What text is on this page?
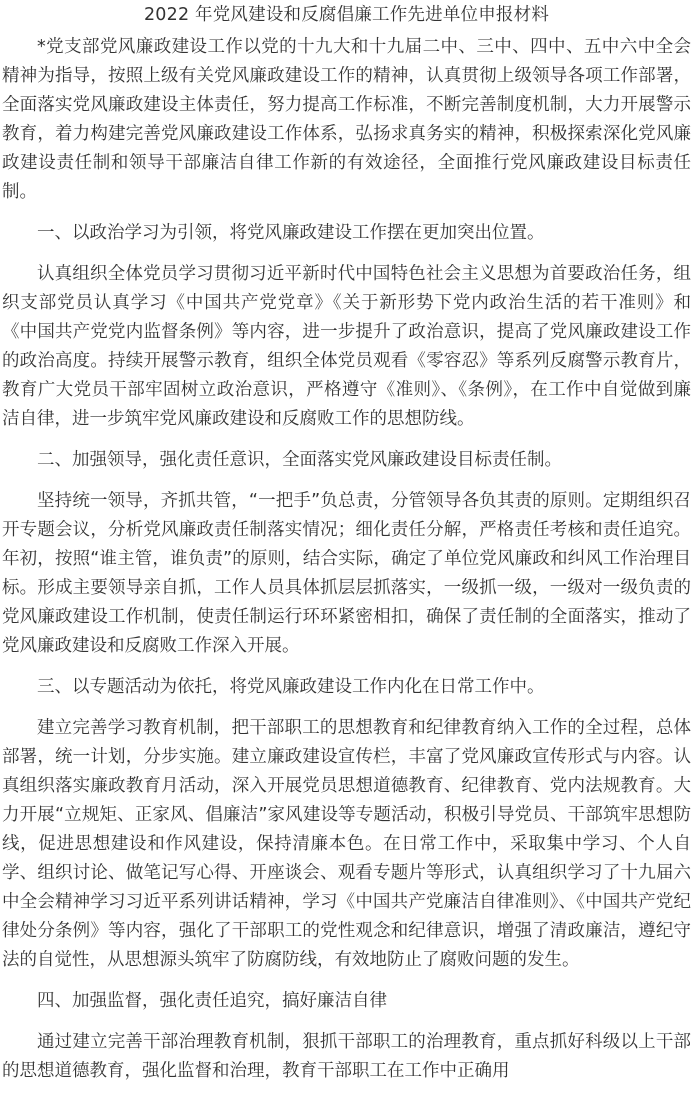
2022 年党风建设和反腐倡廉工作先进单位申报材料

*党支部党风廉政建设工作以党的十九大和十九届二中、三中、四中、五中六中全会精神为指导，按照上级有关党风廉政建设工作的精神，认真贯彻上级领导各项工作部署，全面落实党风廉政建设主体责任，努力提高工作标准，不断完善制度机制，大力开展警示教育，着力构建完善党风廉政建设工作体系，弘扬求真务实的精神，积极探索深化党风廉政建设责任制和领导干部廉洁自律工作新的有效途径，全面推行党风廉政建设目标责任制。

一、以政治学习为引领，将党风廉政建设工作摆在更加突出位置。

认真组织全体党员学习贯彻习近平新时代中国特色社会主义思想为首要政治任务，组织支部党员认真学习《中国共产党党章》《关于新形势下党内政治生活的若干准则》和《中国共产党党内监督条例》等内容，进一步提升了政治意识，提高了党风廉政建设工作的政治高度。持续开展警示教育，组织全体党员观看《零容忍》等系列反腐警示教育片，教育广大党员干部牢固树立政治意识，严格遵守《准则》、《条例》，在工作中自觉做到廉洁自律，进一步筑牢党风廉政建设和反腐败工作的思想防线。

二、加强领导，强化责任意识，全面落实党风廉政建设目标责任制。

坚持统一领导，齐抓共管，“一把手”负总责，分管领导各负其责的原则。定期组织召开专题会议，分析党风廉政责任制落实情况；细化责任分解，严格责任考核和责任追究。年初，按照“谁主管，谁负责”的原则，结合实际，确定了单位党风廉政和纠风工作治理目标。形成主要领导亲自抓，工作人员具体抓层层抓落实，一级抓一级，一级对一级负责的党风廉政建设工作机制，使责任制运行环环紧密相扣，确保了责任制的全面落实，推动了党风廉政建设和反腐败工作深入开展。

三、以专题活动为依托，将党风廉政建设工作内化在日常工作中。

建立完善学习教育机制，把干部职工的思想教育和纪律教育纳入工作的全过程，总体部署，统一计划，分步实施。建立廉政建设宣传栏，丰富了党风廉政宣传形式与内容。认真组织落实廉政教育月活动，深入开展党员思想道德教育、纪律教育、党内法规教育。大力开展“立规矩、正家风、倡廉洁”家风建设等专题活动，积极引导党员、干部筑牢思想防线，促进思想建设和作风建设，保持清廉本色。在日常工作中，采取集中学习、个人自学、组织讨论、做笔记写心得、开座谈会、观看专题片等形式，认真组织学习了十九届六中全会精神学习习近平系列讲话精神，学习《中国共产党廉洁自律准则》、《中国共产党纪律处分条例》等内容，强化了干部职工的党性观念和纪律意识，增强了清政廉洁，遵纪守法的自觉性，从思想源头筑牢了防腐防线，有效地防止了腐败问题的发生。

四、加强监督，强化责任追究，搞好廉洁自律

通过建立完善干部治理教育机制，狠抓干部职工的治理教育，重点抓好科级以上干部的思想道德教育，强化监督和治理，教育干部职工在工作中正确用
